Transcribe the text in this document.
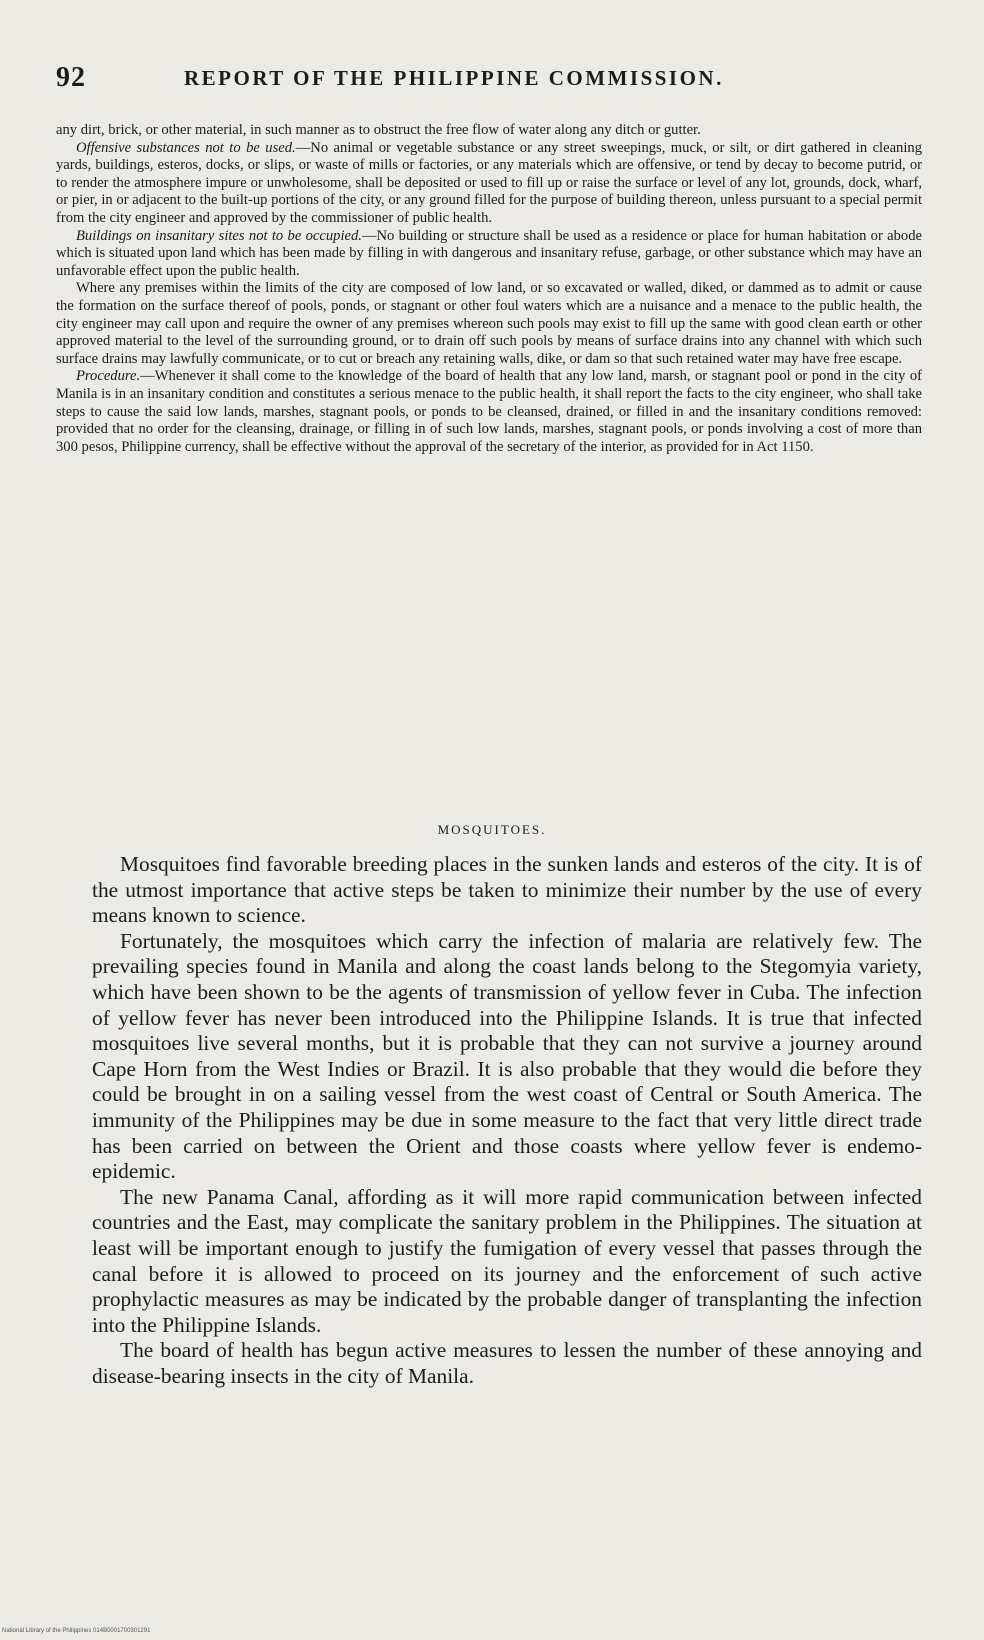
92	REPORT OF THE PHILIPPINE COMMISSION.

any dirt, brick, or other material, in such manner as to obstruct the free flow of water along any ditch or gutter.

Offensive substances not to be used.—No animal or vegetable substance or any street sweepings, muck, or silt, or dirt gathered in cleaning yards, buildings, esteros, docks, or slips, or waste of mills or factories, or any materials which are offensive, or tend by decay to become putrid, or to render the atmosphere impure or unwholesome, shall be deposited or used to fill up or raise the surface or level of any lot, grounds, dock, wharf, or pier, in or adjacent to the built-up portions of the city, or any ground filled for the purpose of building thereon, unless pursuant to a special permit from the city engineer and approved by the commissioner of public health.

Buildings on insanitary sites not to be occupied.—No building or structure shall be used as a residence or place for human habitation or abode which is situated upon land which has been made by filling in with dangerous and insanitary refuse, garbage, or other substance which may have an unfavorable effect upon the public health.

Where any premises within the limits of the city are composed of low land, or so excavated or walled, diked, or dammed as to admit or cause the formation on the surface thereof of pools, ponds, or stagnant or other foul waters which are a nuisance and a menace to the public health, the city engineer may call upon and require the owner of any premises whereon such pools may exist to fill up the same with good clean earth or other approved material to the level of the surrounding ground, or to drain off such pools by means of surface drains into any channel with which such surface drains may lawfully communicate, or to cut or breach any retaining walls, dike, or dam so that such retained water may have free escape.

Procedure.—Whenever it shall come to the knowledge of the board of health that any low land, marsh, or stagnant pool or pond in the city of Manila is in an insanitary condition and constitutes a serious menace to the public health, it shall report the facts to the city engineer, who shall take steps to cause the said low lands, marshes, stagnant pools, or ponds to be cleansed, drained, or filled in and the insanitary conditions removed: provided that no order for the cleansing, drainage, or filling in of such low lands, marshes, stagnant pools, or ponds involving a cost of more than 300 pesos, Philippine currency, shall be effective without the approval of the secretary of the interior, as provided for in Act 1150.

MOSQUITOES.

Mosquitoes find favorable breeding places in the sunken lands and esteros of the city. It is of the utmost importance that active steps be taken to minimize their number by the use of every means known to science.

Fortunately, the mosquitoes which carry the infection of malaria are relatively few. The prevailing species found in Manila and along the coast lands belong to the Stegomyia variety, which have been shown to be the agents of transmission of yellow fever in Cuba. The infection of yellow fever has never been introduced into the Philippine Islands. It is true that infected mosquitoes live several months, but it is probable that they can not survive a journey around Cape Horn from the West Indies or Brazil. It is also probable that they would die before they could be brought in on a sailing vessel from the west coast of Central or South America. The immunity of the Philippines may be due in some measure to the fact that very little direct trade has been carried on between the Orient and those coasts where yellow fever is endemo-epidemic.

The new Panama Canal, affording as it will more rapid communication between infected countries and the East, may complicate the sanitary problem in the Philippines. The situation at least will be important enough to justify the fumigation of every vessel that passes through the canal before it is allowed to proceed on its journey and the enforcement of such active prophylactic measures as may be indicated by the probable danger of transplanting the infection into the Philippine Islands.

The board of health has begun active measures to lessen the number of these annoying and disease-bearing insects in the city of Manila.

National Library of the Philippines 014B0001700301291
